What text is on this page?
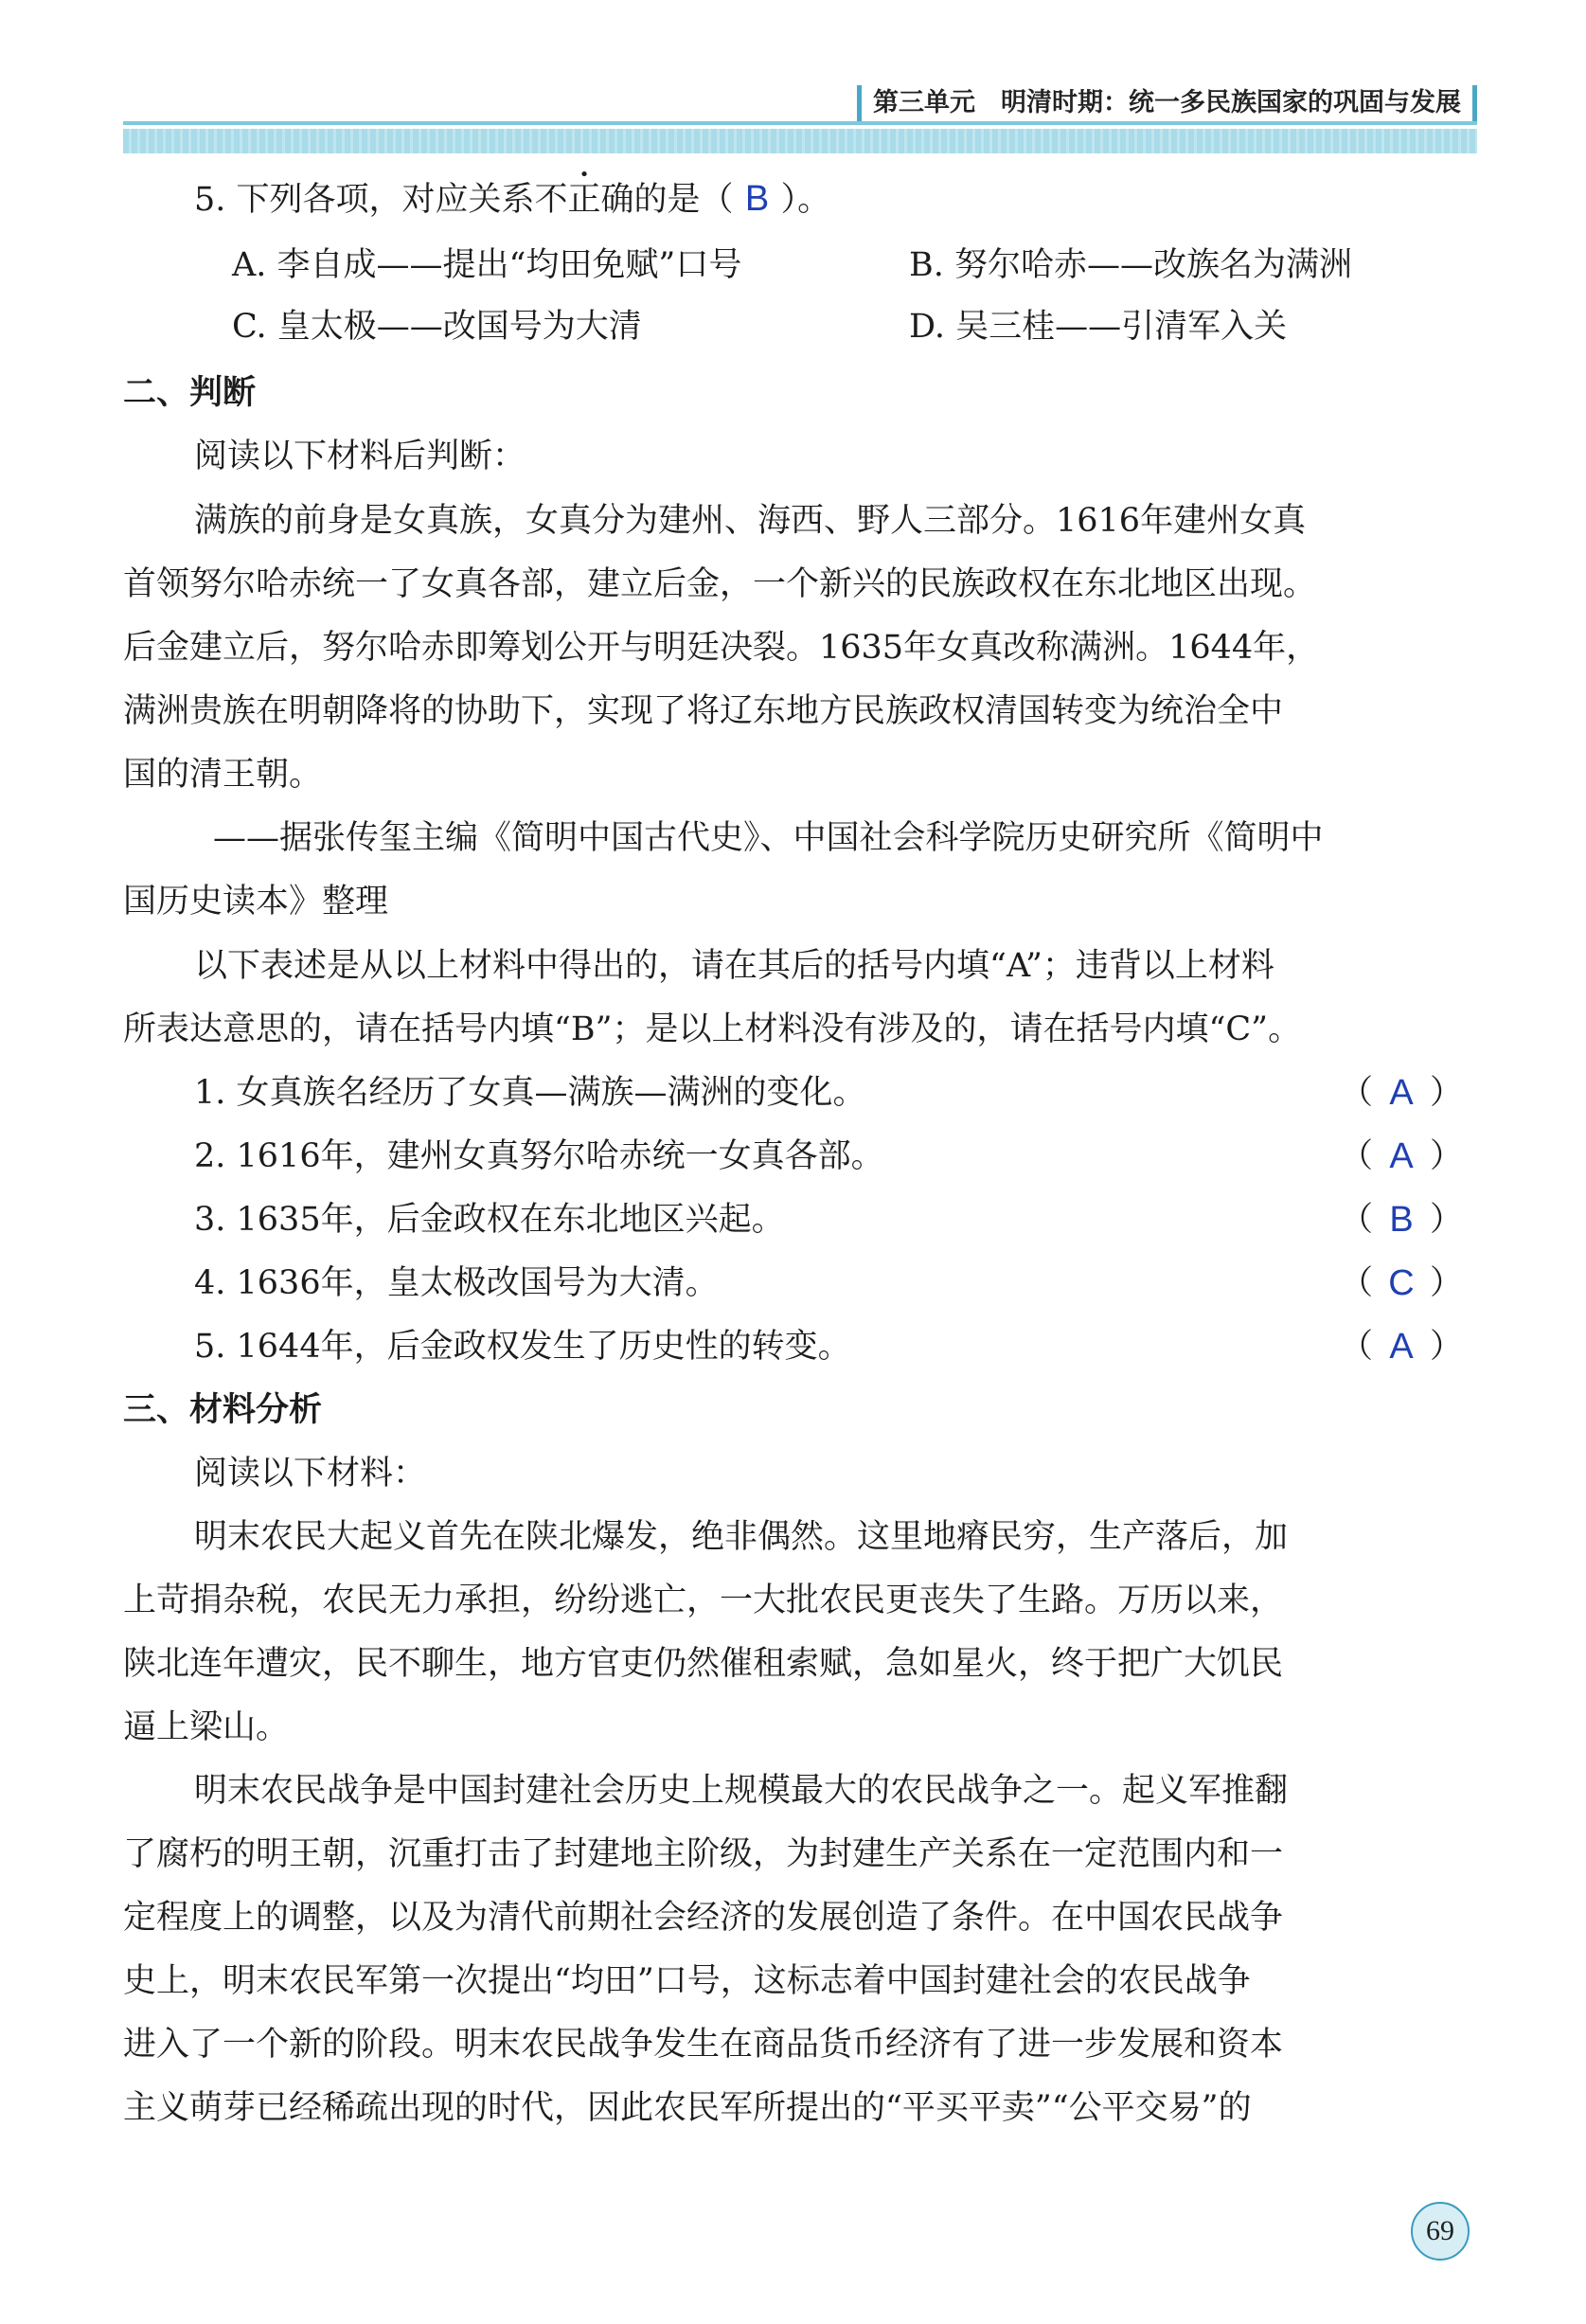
第三单元　明清时期：统一多民族国家的巩固与发展
5. 下列各项，对应关系不正确的是（ B ）。
A. 李自成——提出“均田免赋”口号	B. 努尔哈赤——改族名为满洲
C. 皇太极——改国号为大清	D. 吴三桂——引清军入关
二、判断
阅读以下材料后判断：
满族的前身是女真族，女真分为建州、海西、野人三部分。1616年建州女真
首领努尔哈赤统一了女真各部，建立后金，一个新兴的民族政权在东北地区出现。
后金建立后，努尔哈赤即筹划公开与明廷决裂。1635年女真改称满洲。1644年，
满洲贵族在明朝降将的协助下，实现了将辽东地方民族政权清国转变为统治全中
国的清王朝。
——据张传玺主编《简明中国古代史》、中国社会科学院历史研究所《简明中
国历史读本》整理
以下表述是从以上材料中得出的，请在其后的括号内填“A”；违背以上材料
所表达意思的，请在括号内填“B”；是以上材料没有涉及的，请在括号内填“C”。
1. 女真族名经历了女真—满族—满洲的变化。	（ A ）
2. 1616年，建州女真努尔哈赤统一女真各部。	（ A ）
3. 1635年，后金政权在东北地区兴起。	（ B ）
4. 1636年，皇太极改国号为大清。	（ C ）
5. 1644年，后金政权发生了历史性的转变。	（ A ）
三、材料分析
阅读以下材料：
明末农民大起义首先在陕北爆发，绝非偶然。这里地瘠民穷，生产落后，加
上苛捐杂税，农民无力承担，纷纷逃亡，一大批农民更丧失了生路。万历以来，
陕北连年遭灾，民不聊生，地方官吏仍然催租索赋，急如星火，终于把广大饥民
逼上梁山。
明末农民战争是中国封建社会历史上规模最大的农民战争之一。起义军推翻
了腐朽的明王朝，沉重打击了封建地主阶级，为封建生产关系在一定范围内和一
定程度上的调整，以及为清代前期社会经济的发展创造了条件。在中国农民战争
史上，明末农民军第一次提出“均田”口号，这标志着中国封建社会的农民战争
进入了一个新的阶段。明末农民战争发生在商品货币经济有了进一步发展和资本
主义萌芽已经稀疏出现的时代，因此农民军所提出的“平买平卖”“公平交易”的
69
